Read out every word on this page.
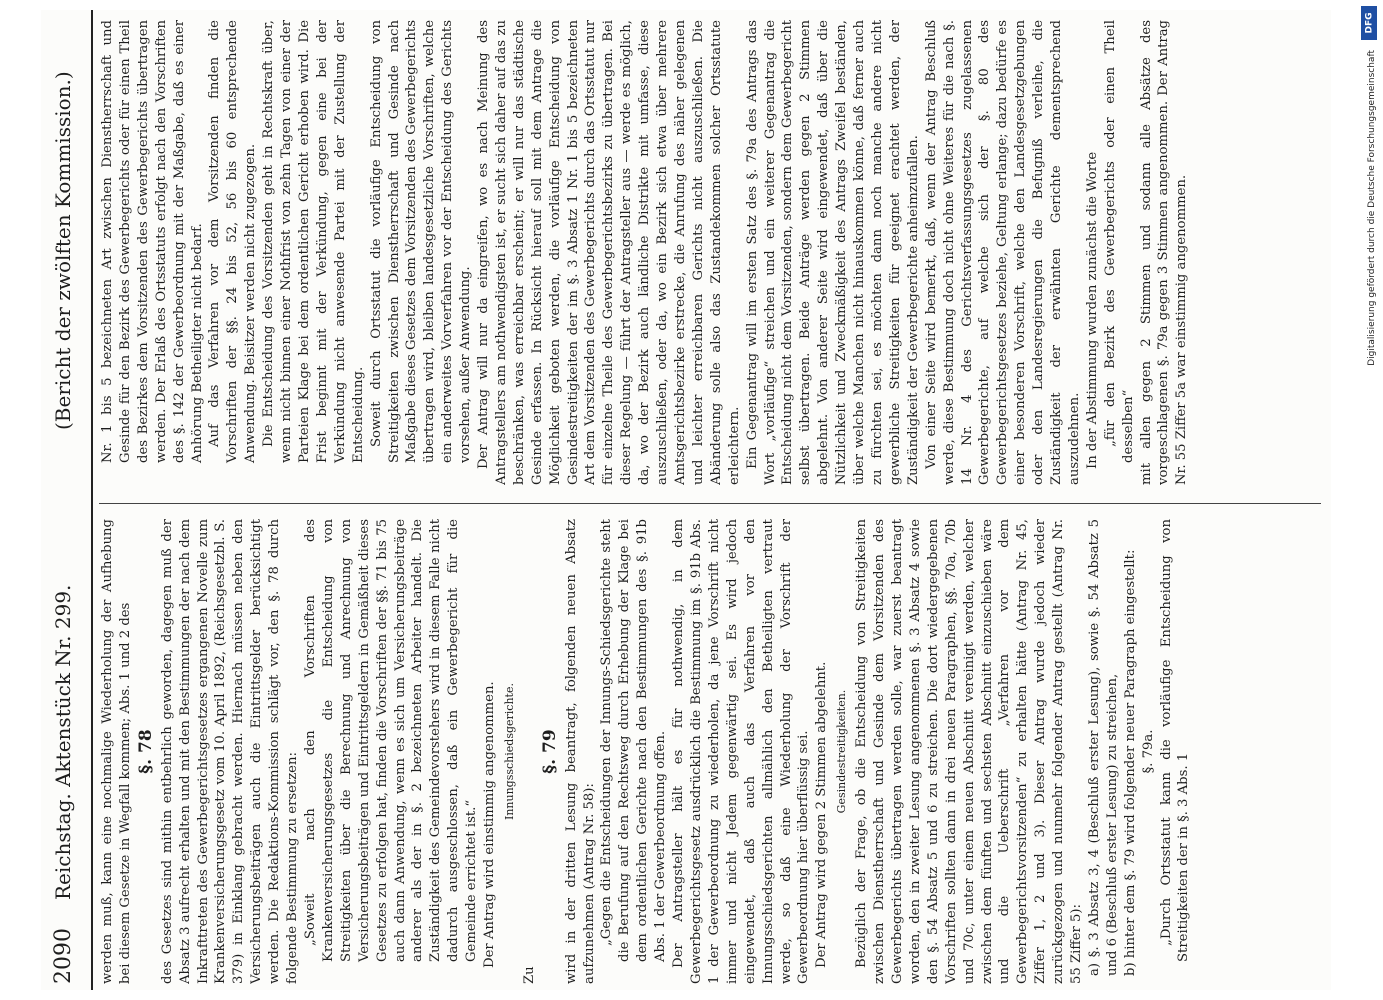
2090
Reichstag. Aktenstück Nr. 299.
(Bericht der zwölften Kommission.)

werden muß, kann eine nochmalige Wiederholung der Aufhebung bei diesem Gesetze in Wegfall kommen; Abs. 1 und 2 des §. 78 des Gesetzes sind mithin entbehrlich geworden, dagegen muß der Absatz 3 aufrecht erhalten und mit den Bestimmungen der nach dem Inkrafttreten des Gewerbegerichtsgesetzes ergangenen Novelle zum Krankenversicherungsgesetz vom 10. April 1892, (Reichsgesetzbl. S. 379) in Einklang gebracht werden. Hiernach müssen neben den Versicherungsbeiträgen auch die Eintrittsgelder berücksichtigt werden. Die Redaktions-Kommission schlägt vor, den §. 78 durch folgende Bestimmung zu ersetzen: „Soweit nach den Vorschriften des Krankenversicherungsgesetzes die Entscheidung von Streitigkeiten über die Berechnung und Anrechnung von Versicherungsbeiträgen und Eintrittsgeldern in Gemäßheit dieses Gesetzes zu erfolgen hat, finden die Vorschriften der §§. 71 bis 75 auch dann Anwendung, wenn es sich um Versicherungsbeiträge anderer als der in §. 2 bezeichneten Arbeiter handelt. Die Zuständigkeit des Gemeindevorstehers wird in diesem Falle nicht dadurch ausgeschlossen, daß ein Gewerbegericht für die Gemeinde errichtet ist.“ Der Antrag wird einstimmig angenommen. Innungsschiedsgerichte.

Zu

§. 79 wird in der dritten Lesung beantragt, folgenden neuen Absatz aufzunehmen (Antrag Nr. 58): „Gegen die Entscheidungen der Innungs-Schiedsgerichte steht die Berufung auf den Rechtsweg durch Erhebung der Klage bei dem ordentlichen Gerichte nach den Bestimmungen des §. 91b Abs. 1 der Gewerbeordnung offen. Der Antragsteller hält es für nothwendig, in dem Gewerbegerichtsgesetz ausdrücklich die Bestimmung im §. 91b Abs. 1 der Gewerbeordnung zu wiederholen, da jene Vorschrift nicht immer und nicht Jedem gegenwärtig sei. Es wird jedoch eingewendet, daß auch das Verfahren vor den Innungsschiedsgerichten allmählich den Betheiligten vertraut werde, so daß eine Wiederholung der Vorschrift der Gewerbeordnung hier überflüssig sei. Der Antrag wird gegen 2 Stimmen abgelehnt. Gesindestreitigkeiten. Bezüglich der Frage, ob die Entscheidung von Streitigkeiten zwischen Dienstherrschaft und Gesinde dem Vorsitzenden des Gewerbegerichts übertragen werden solle, war zuerst beantragt worden, den in zweiter Lesung angenommenen §. 3 Absatz 4 sowie den §. 54 Absatz 5 und 6 zu streichen. Die dort wiedergegebenen Vorschriften sollten dann in drei neuen Paragraphen, §§. 70a, 70b und 70c, unter einem neuen Abschnitt vereinigt werden, welcher zwischen dem fünften und sechsten Abschnitt einzuschieben wäre und die Ueberschrift „Verfahren vor dem Gewerbegerichtsvorsitzenden“ zu erhalten hätte (Antrag Nr. 45, Ziffer 1, 2 und 3). Dieser Antrag wurde jedoch wieder zurückgezogen und nunmehr folgender Antrag gestellt (Antrag Nr. 55 Ziffer 5): a) §. 3 Absatz 3, 4 (Beschluß erster Lesung), sowie §. 54 Absatz 5 und 6 (Beschluß erster Lesung) zu streichen, b) hinter dem §. 79 wird folgender neuer Paragraph eingestellt: §. 79a. „Durch Ortsstatut kann die vorläufige Entscheidung von Streitigkeiten der in §. 3 Abs. 1

Nr. 1 bis 5 bezeichneten Art zwischen Dienstherrschaft und Gesinde für den Bezirk des Gewerbegerichts oder für einen Theil des Bezirkes dem Vorsitzenden des Gewerbegerichts übertragen werden. Der Erlaß des Ortsstatuts erfolgt nach den Vorschriften des §. 142 der Gewerbeordnung mit der Maßgabe, daß es einer Anhörung Betheiligter nicht bedarf. Auf das Verfahren vor dem Vorsitzenden finden die Vorschriften der §§. 24 bis 52, 56 bis 60 entsprechende Anwendung. Beisitzer werden nicht zugezogen. Die Entscheidung des Vorsitzenden geht in Rechtskraft über, wenn nicht binnen einer Nothfrist von zehn Tagen von einer der Parteien Klage bei dem ordentlichen Gericht erhoben wird. Die Frist beginnt mit der Verkündung, gegen eine bei der Verkündung nicht anwesende Partei mit der Zustellung der Entscheidung. Soweit durch Ortsstatut die vorläufige Entscheidung von Streitigkeiten zwischen Dienstherrschaft und Gesinde nach Maßgabe dieses Gesetzes dem Vorsitzenden des Gewerbegerichts übertragen wird, bleiben landesgesetzliche Vorschriften, welche ein anderweites Vorverfahren vor der Entscheidung des Gerichts vorsehen, außer Anwendung. Der Antrag will nur da eingreifen, wo es nach Meinung des Antragstellers am nothwendigsten ist, er sucht sich daher auf das zu beschränken, was erreichbar erscheint; er will nur das städtische Gesinde erfassen. In Rücksicht hierauf soll mit dem Antrage die Möglichkeit geboten werden, die vorläufige Entscheidung von Gesindestreitigkeiten der im §. 3 Absatz 1 Nr. 1 bis 5 bezeichneten Art dem Vorsitzenden des Gewerbegerichts durch das Ortsstatut nur für einzelne Theile des Gewerbegerichtsbezirks zu übertragen. Bei dieser Regelung — führt der Antragsteller aus — werde es möglich, da, wo der Bezirk auch ländliche Distrikte mit umfasse, diese auszuschließen, oder da, wo ein Bezirk sich etwa über mehrere Amtsgerichtsbezirke erstrecke, die Anrufung des näher gelegenen und leichter erreichbaren Gerichts nicht auszuschließen. Die Abänderung solle also das Zustandekommen solcher Ortsstatute erleichtern. Ein Gegenantrag will im ersten Satz des §. 79a des Antrags das Wort „vorläufige“ streichen und ein weiterer Gegenantrag die Entscheidung nicht dem Vorsitzenden, sondern dem Gewerbegericht selbst übertragen. Beide Anträge werden gegen 2 Stimmen abgelehnt. Von anderer Seite wird eingewendet, daß über die Nützlichkeit und Zweckmäßigkeit des Antrags Zweifel beständen, über welche Manchen nicht hinauskommen könne, daß ferner auch zu fürchten sei, es möchten dann noch manche andere nicht gewerbliche Streitigkeiten für geeignet erachtet werden, der Zuständigkeit der Gewerbegerichte anheimzufallen. Von einer Seite wird bemerkt, daß, wenn der Antrag Beschluß werde, diese Bestimmung doch nicht ohne Weiteres für die nach §. 14 Nr. 4 des Gerichtsverfassungsgesetzes zugelassenen Gewerbegerichte, auf welche sich der §. 80 des Gewerbegerichtsgesetzes beziehe, Geltung erlange; dazu bedürfe es einer besonderen Vorschrift, welche den Landesgesetzgebungen oder den Landesregierungen die Befugniß verleihe, die Zuständigkeit der erwähnten Gerichte dementsprechend auszudehnen. In der Abstimmung wurden zunächst die Worte „für den Bezirk des Gewerbegerichts oder einen Theil desselben“ mit allen gegen 2 Stimmen und sodann alle Absätze des vorgeschlagenen §. 79a gegen 3 Stimmen angenommen. Der Antrag Nr. 55 Ziffer 5a war einstimmig angenommen.

DFG
Digitalisierung gefördert durch die Deutsche Forschungsgemeinschaft
